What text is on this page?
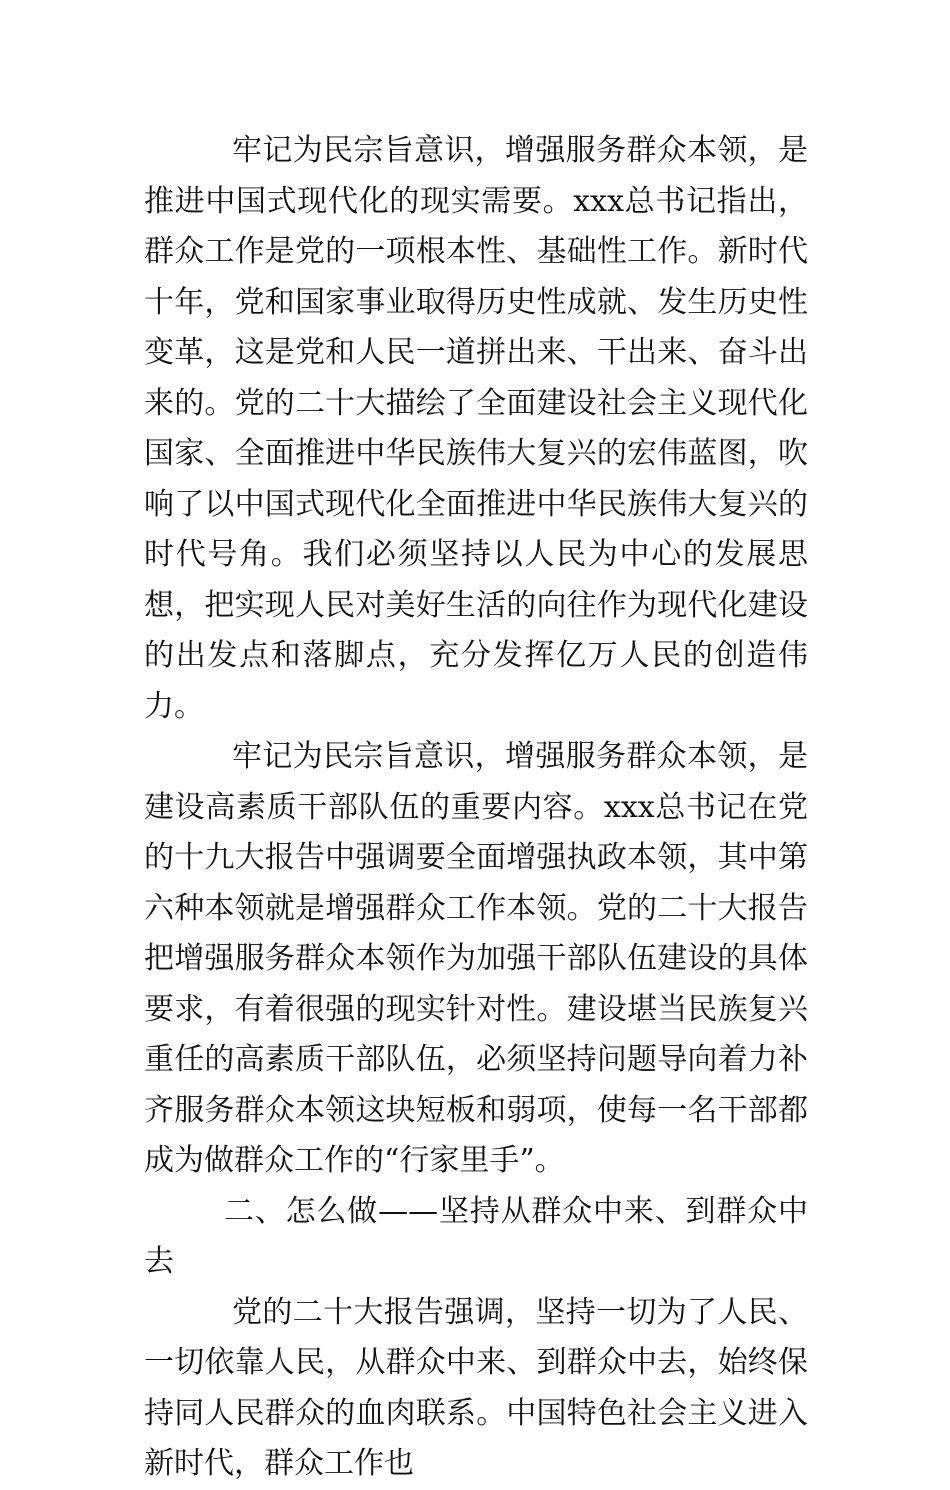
牢记为民宗旨意识，增强服务群众本领，是推进中国式现代化的现实需要。xxx总书记指出，群众工作是党的一项根本性、基础性工作。新时代十年，党和国家事业取得历史性成就、发生历史性变革，这是党和人民一道拼出来、干出来、奋斗出来的。党的二十大描绘了全面建设社会主义现代化国家、全面推进中华民族伟大复兴的宏伟蓝图，吹响了以中国式现代化全面推进中华民族伟大复兴的时代号角。我们必须坚持以人民为中心的发展思想，把实现人民对美好生活的向往作为现代化建设的出发点和落脚点，充分发挥亿万人民的创造伟力。

牢记为民宗旨意识，增强服务群众本领，是建设高素质干部队伍的重要内容。xxx总书记在党的十九大报告中强调要全面增强执政本领，其中第六种本领就是增强群众工作本领。党的二十大报告把增强服务群众本领作为加强干部队伍建设的具体要求，有着很强的现实针对性。建设堪当民族复兴重任的高素质干部队伍，必须坚持问题导向着力补齐服务群众本领这块短板和弱项，使每一名干部都成为做群众工作的“行家里手”。

二、怎么做——坚持从群众中来、到群众中去

党的二十大报告强调，坚持一切为了人民、一切依靠人民，从群众中来、到群众中去，始终保持同人民群众的血肉联系。中国特色社会主义进入新时代，群众工作也
